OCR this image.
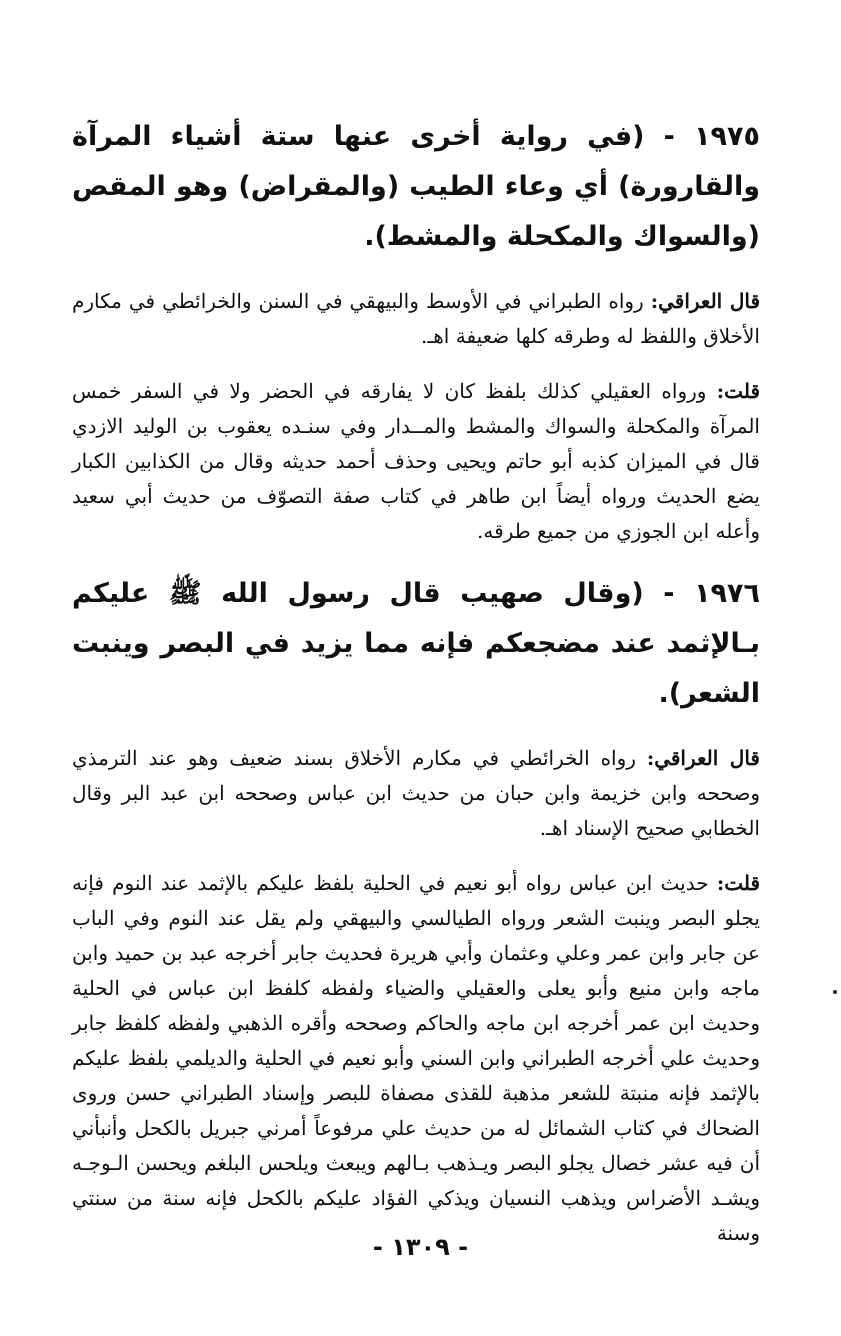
١٩٧٥ - (في رواية أخرى عنها ستة أشياء المرآة والقارورة) أي وعاء الطيب (والمقراض) وهو المقص (والسواك والمكحلة والمشط).

قال العراقي: رواه الطبراني في الأوسط والبيهقي في السنن والخرائطي في مكارم الأخلاق واللفظ له وطرقه كلها ضعيفة اهـ.

قلت: ورواه العقيلي كذلك بلفظ كان لا يفارقه في الحضر ولا في السفر خمس المرآة والمكحلة والسواك والمشط والمــدار وفي سنـده يعقوب بن الوليد الازدي قال في الميزان كذبه أبو حاتم ويحيى وحذف أحمد حديثه وقال من الكذابين الكبار يضع الحديث ورواه أيضاً ابن طاهر في كتاب صفة التصوّف من حديث أبي سعيد وأعله ابن الجوزي من جميع طرقه.

١٩٧٦ - (وقال صهيب قال رسول الله ﷺ عليكم بـالإثمد عند مضجعكم فإنه مما يزيد في البصر وينبت الشعر).

قال العراقي: رواه الخرائطي في مكارم الأخلاق بسند ضعيف وهو عند الترمذي وصححه وابن خزيمة وابن حبان من حديث ابن عباس وصححه ابن عبد البر وقال الخطابي صحيح الإسناد اهـ.

قلت: حديث ابن عباس رواه أبو نعيم في الحلية بلفظ عليكم بالإثمد عند النوم فإنه يجلو البصر وينبت الشعر ورواه الطيالسي والبيهقي ولم يقل عند النوم وفي الباب عن جابر وابن عمر وعلي وعثمان وأبي هريرة فحديث جابر أخرجه عبد بن حميد وابن ماجه وابن منيع وأبو يعلى والعقيلي والضياء ولفظه كلفظ ابن عباس في الحلية وحديث ابن عمر أخرجه ابن ماجه والحاكم وصححه وأقره الذهبي ولفظه كلفظ جابر وحديث علي أخرجه الطبراني وابن السني وأبو نعيم في الحلية والديلمي بلفظ عليكم بالإثمد فإنه منبتة للشعر مذهبة للقذى مصفاة للبصر وإسناد الطبراني حسن وروى الضحاك في كتاب الشمائل له من حديث علي مرفوعاً أمرني جبريل بالكحل وأنبأني أن فيه عشر خصال يجلو البصر ويـذهب بـالهم ويبعث ويلحس البلغم ويحسن الـوجـه ويشـد الأضراس ويذهب النسيان ويذكي الفؤاد عليكم بالكحل فإنه سنة من سنتي وسنة

- ١٣٠٩ -
